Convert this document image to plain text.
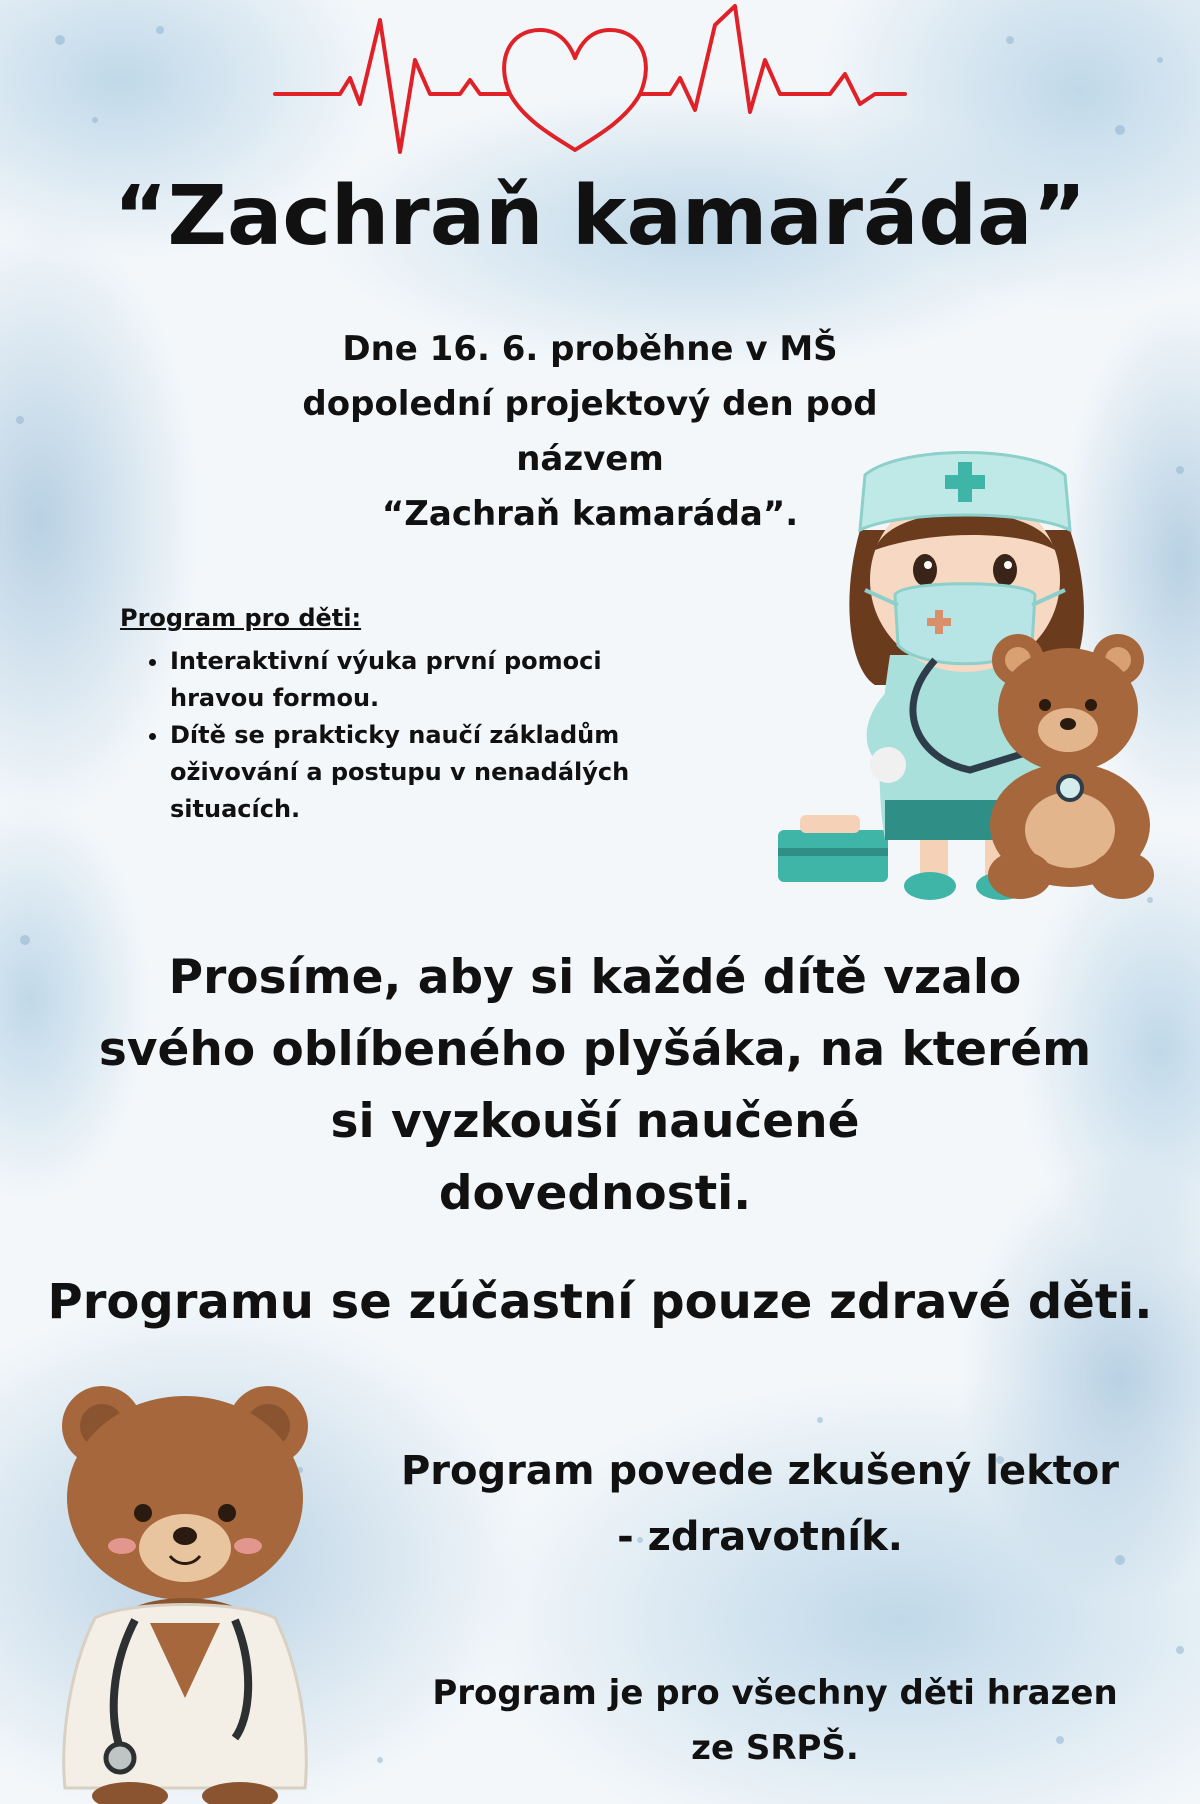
“Zachraň kamaráda”
Dne 16. 6. proběhne v MŠ
dopolední projektový den pod
názvem
“Zachraň kamaráda”.
Program pro děti:
• Interaktivní výuka první pomoci
hravou formou.
• Dítě se prakticky naučí základům
oživování a postupu v nenadálých
situacích.
Prosíme, aby si každé dítě vzalo
svého oblíbeného plyšáka, na kterém
si vyzkouší naučené
dovednosti.
Programu se zúčastní pouze zdravé děti.
Program povede zkušený lektor
- zdravotník.
Program je pro všechny děti hrazen
ze SRPŠ.
